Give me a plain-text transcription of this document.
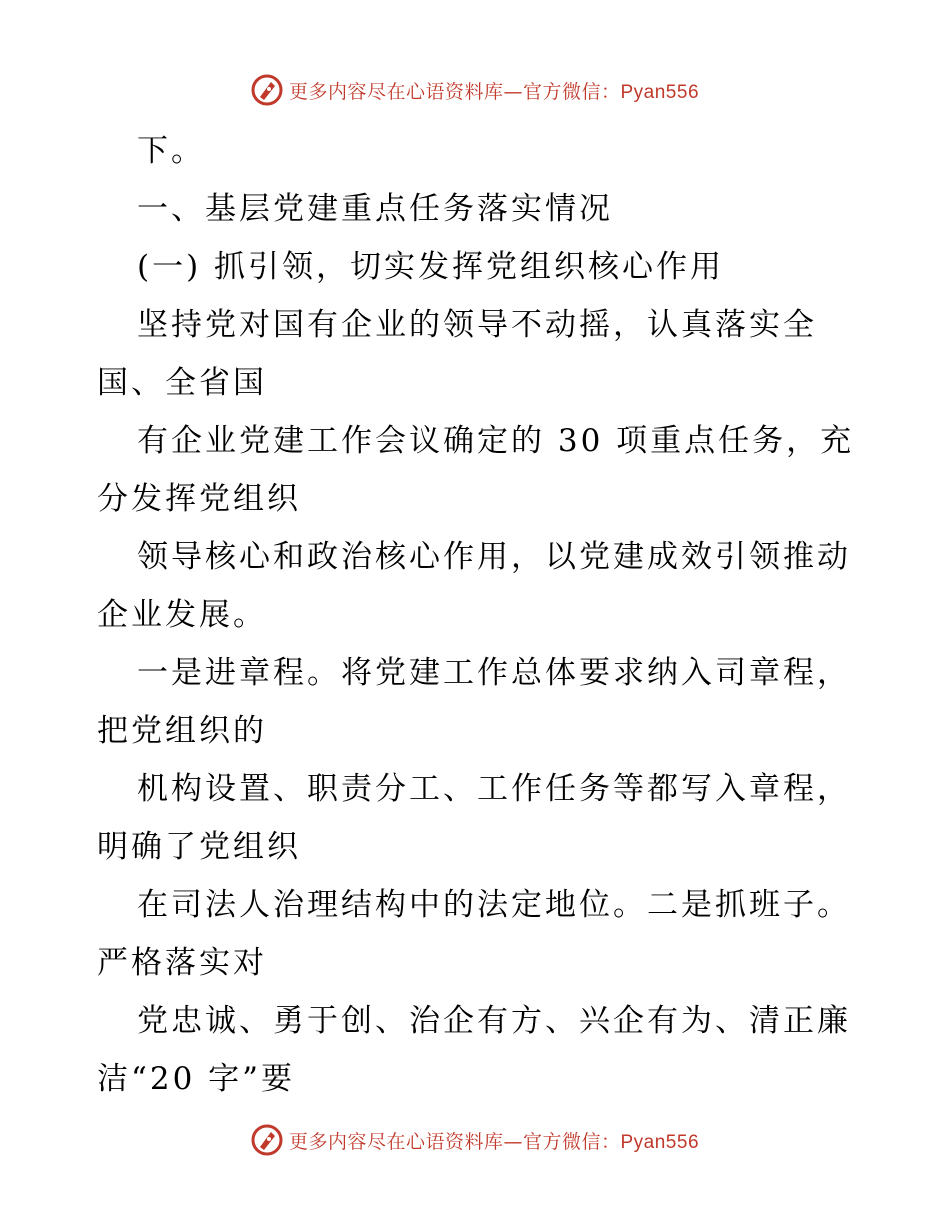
更多内容尽在心语资料库—官方微信：Pyan556
下。
一、基层党建重点任务落实情况
(一) 抓引领，切实发挥党组织核心作用
坚持党对国有企业的领导不动摇，认真落实全
国、全省国
有企业党建工作会议确定的 30 项重点任务，充
分发挥党组织
领导核心和政治核心作用，以党建成效引领推动
企业发展。
一是进章程。将党建工作总体要求纳入司章程，
把党组织的
机构设置、职责分工、工作任务等都写入章程，
明确了党组织
在司法人治理结构中的法定地位。二是抓班子。
严格落实对
党忠诚、勇于创、治企有方、兴企有为、清正廉
洁“20 字”要
更多内容尽在心语资料库—官方微信：Pyan556
